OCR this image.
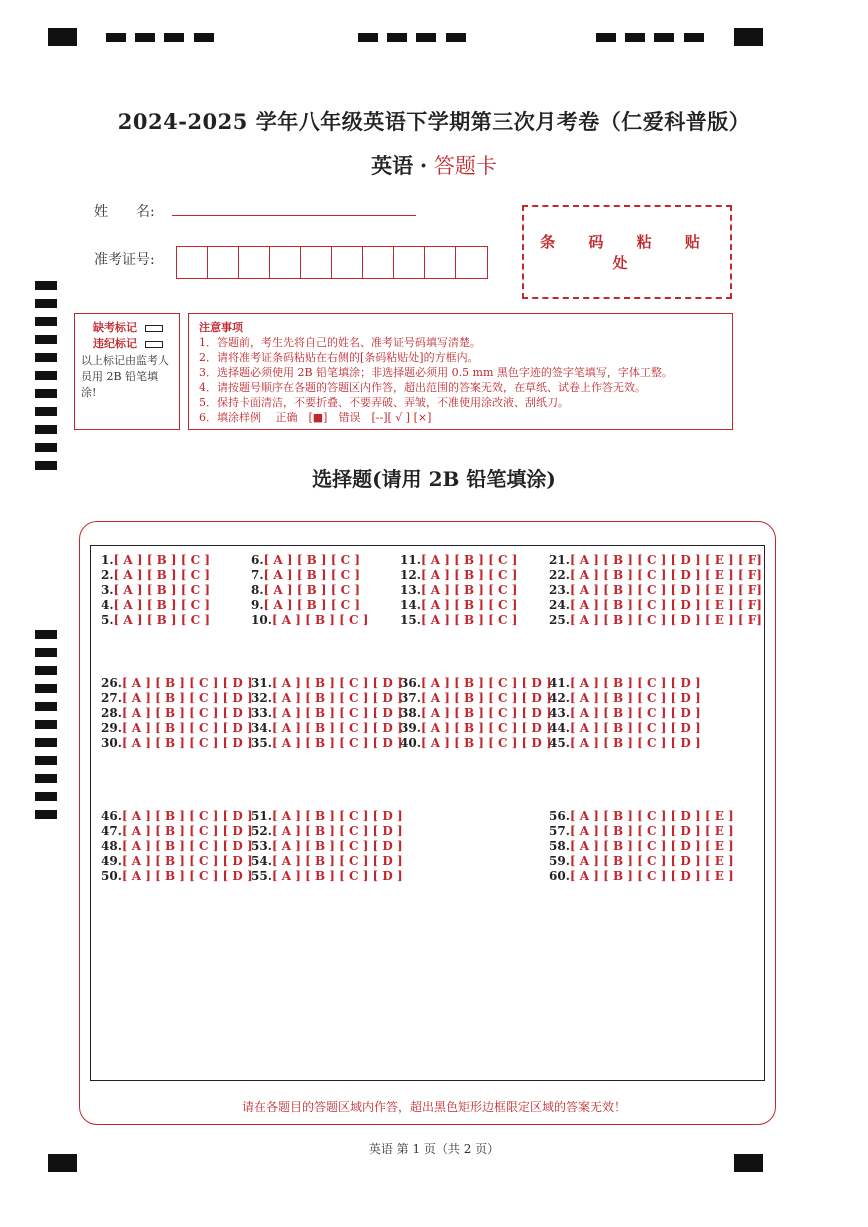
2024-2025 学年八年级英语下学期第三次月考卷（仁爱科普版）
英语 · 答题卡
姓　　名:
准考证号:
条 码 粘 贴 处
缺考标记
违纪标记
以上标记由监考人员用 2B 铅笔填涂!
注意事项
1．答题前，考生先将自己的姓名、准考证号码填写清楚。
2．请将准考证条码粘贴在右侧的[条码粘贴处]的方框内。
3．选择题必须使用 2B 铅笔填涂；非选择题必须用 0.5 mm 黑色字迹的签字笔填写，字体工整。
4．请按题号顺序在各题的答题区内作答，超出范围的答案无效，在草纸、试卷上作答无效。
5．保持卡面清洁，不要折叠、不要弄破、弄皱，不准使用涂改液、刮纸刀。
6．填涂样例　 正确　[■]　错误　[--][ √ ] [×]
选择题(请用 2B 铅笔填涂)
1.[ A ] [ B ] [ C ]
2.[ A ] [ B ] [ C ]
3.[ A ] [ B ] [ C ]
4.[ A ] [ B ] [ C ]
5.[ A ] [ B ] [ C ]
6.[ A ] [ B ] [ C ]
7.[ A ] [ B ] [ C ]
8.[ A ] [ B ] [ C ]
9.[ A ] [ B ] [ C ]
10.[ A ] [ B ] [ C ]
11.[ A ] [ B ] [ C ]
12.[ A ] [ B ] [ C ]
13.[ A ] [ B ] [ C ]
14.[ A ] [ B ] [ C ]
15.[ A ] [ B ] [ C ]
21.[ A ] [ B ] [ C ] [ D ] [ E ] [ F]
22.[ A ] [ B ] [ C ] [ D ] [ E ] [ F]
23.[ A ] [ B ] [ C ] [ D ] [ E ] [ F]
24.[ A ] [ B ] [ C ] [ D ] [ E ] [ F]
25.[ A ] [ B ] [ C ] [ D ] [ E ] [ F]
26.[ A ] [ B ] [ C ] [ D ]
27.[ A ] [ B ] [ C ] [ D ]
28.[ A ] [ B ] [ C ] [ D ]
29.[ A ] [ B ] [ C ] [ D ]
30.[ A ] [ B ] [ C ] [ D ]
31.[ A ] [ B ] [ C ] [ D ]
32.[ A ] [ B ] [ C ] [ D ]
33.[ A ] [ B ] [ C ] [ D ]
34.[ A ] [ B ] [ C ] [ D ]
35.[ A ] [ B ] [ C ] [ D ]
36.[ A ] [ B ] [ C ] [ D ]
37.[ A ] [ B ] [ C ] [ D ]
38.[ A ] [ B ] [ C ] [ D ]
39.[ A ] [ B ] [ C ] [ D ]
40.[ A ] [ B ] [ C ] [ D ]
41.[ A ] [ B ] [ C ] [ D ]
42.[ A ] [ B ] [ C ] [ D ]
43.[ A ] [ B ] [ C ] [ D ]
44.[ A ] [ B ] [ C ] [ D ]
45.[ A ] [ B ] [ C ] [ D ]
46.[ A ] [ B ] [ C ] [ D ]
47.[ A ] [ B ] [ C ] [ D ]
48.[ A ] [ B ] [ C ] [ D ]
49.[ A ] [ B ] [ C ] [ D ]
50.[ A ] [ B ] [ C ] [ D ]
51.[ A ] [ B ] [ C ] [ D ]
52.[ A ] [ B ] [ C ] [ D ]
53.[ A ] [ B ] [ C ] [ D ]
54.[ A ] [ B ] [ C ] [ D ]
55.[ A ] [ B ] [ C ] [ D ]
56.[ A ] [ B ] [ C ] [ D ] [ E ]
57.[ A ] [ B ] [ C ] [ D ] [ E ]
58.[ A ] [ B ] [ C ] [ D ] [ E ]
59.[ A ] [ B ] [ C ] [ D ] [ E ]
60.[ A ] [ B ] [ C ] [ D ] [ E ]
请在各题目的答题区域内作答，超出黑色矩形边框限定区域的答案无效！
英语 第 1 页（共 2 页）
